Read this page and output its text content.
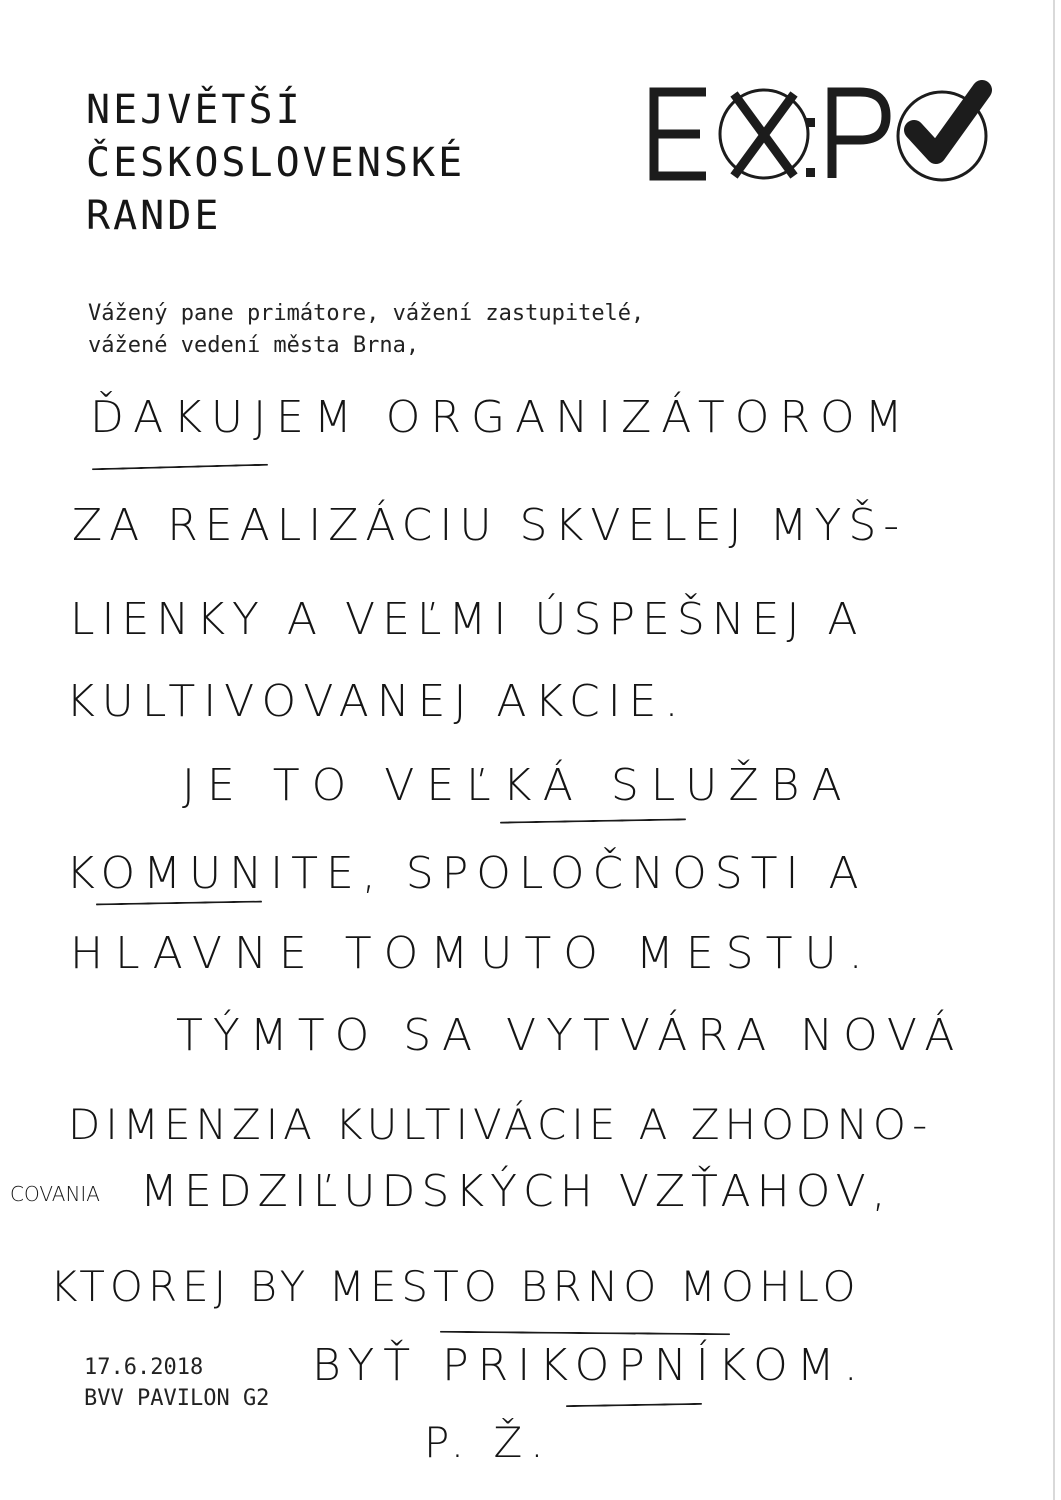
NEJVĚTŠÍ
ČESKOSLOVENSKÉ
RANDE
Vážený pane primátore, vážení zastupitelé,
vážené vedení města Brna,
ĎAKUJEM ORGANIZÁTOROM
ZA REALIZÁCIU SKVELEJ MYŠ-
LIENKY A VEĽMI ÚSPEŠNEJ A
KULTIVOVANEJ AKCIE.
JE TO VEĽKÁ SLUŽBA
KOMUNITE, SPOLOČNOSTI A
HLAVNE TOMUTO MESTU.
TÝMTO SA VYTVÁRA NOVÁ
DIMENZIA KULTIVÁCIE A ZHODNO-
COVANIA MEDZIĽUDSKÝCH VZŤAHOV,
KTOREJ BY MESTO BRNO MOHLO
BYŤ PRIKOPNÍKOM.
P. Ž.
17.6.2018
BVV PAVILON G2
